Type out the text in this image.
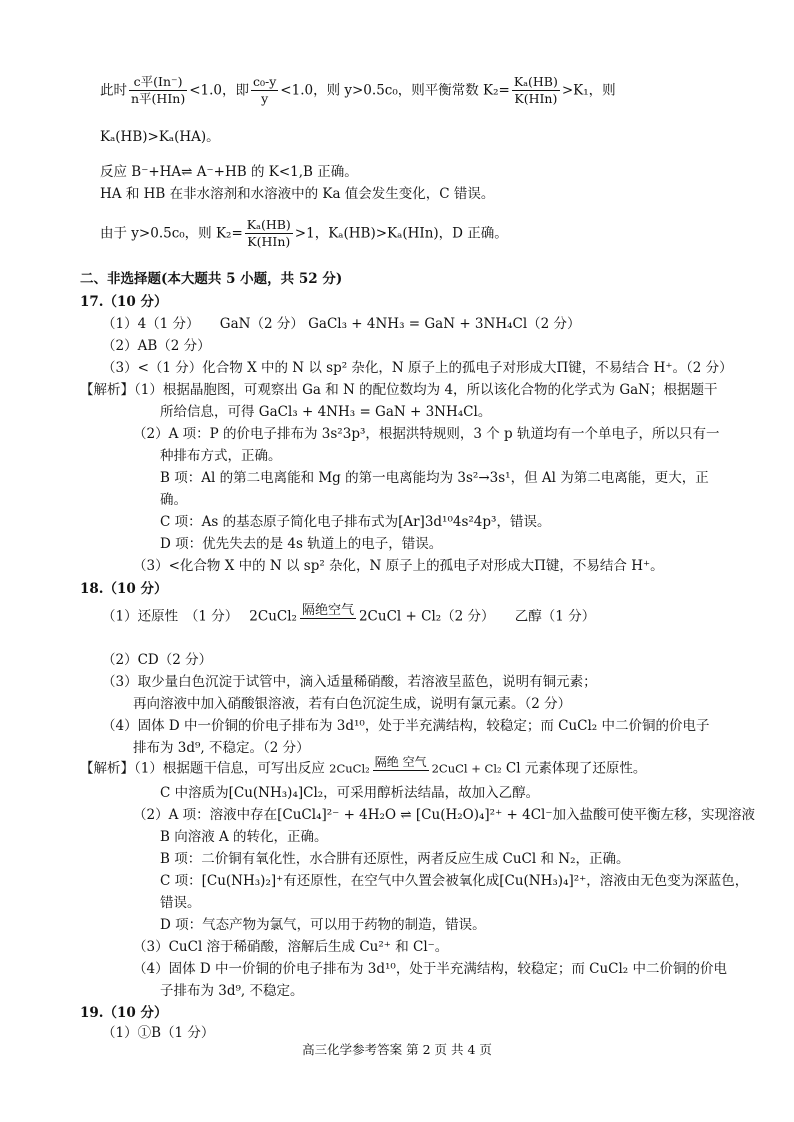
此时 $\frac{\text{c平(In⁻)}}{\text{n平(HIn)}} <1.0$，即 $\frac{\text{c₀-y}}{y} <1.0$，则 y>0.5c₀，则平衡常数 $K_2= \frac{\text{Kₐ(HB)}}{\text{K(HIn)}} >K_1$，则
Kₐ(HB)>Kₐ(HA)。
反应 B⁻+HA⇌ A⁻+HB 的 K<1,B 正确。
HA 和 HB 在非水溶剂和水溶液中的 Ka 值会发生变化，C 错误。
由于 y>0.5c₀，则 $K_2= \frac{\text{Kₐ(HB)}}{\text{K(HIn)}} >1$，Kₐ(HB)>Kₐ(HIn)，D 正确。
二、非选择题(本大题共 5 小题，共 52 分)
17.（10 分）
（1）4（1 分）　　GaN（2 分） GaCl₃ + 4NH₃ = GaN + 3NH₄Cl（2 分）
（2）AB（2 分）
（3）<（1 分）化合物 X 中的 N 以 sp² 杂化，N 原子上的孤电子对形成大Π键，不易结合 H⁺。（2 分）
【解析】（1）根据晶胞图，可观察出 Ga 和 N 的配位数均为 4，所以该化合物的化学式为 GaN；根据题干
所给信息，可得 GaCl₃ + 4NH₃ = GaN + 3NH₄Cl。
（2）A 项：P 的价电子排布为 3s²3p³，根据洪特规则，3 个 p 轨道均有一个单电子，所以只有一
种排布方式，正确。
B 项：Al 的第二电离能和 Mg 的第一电离能均为 3s²→3s¹，但 Al 为第二电离能，更大，正
确。
C 项：As 的基态原子简化电子排布式为[Ar]3d¹⁰4s²4p³，错误。
D 项：优先失去的是 4s 轨道上的电子，错误。
（3）<化合物 X 中的 N 以 sp² 杂化，N 原子上的孤电子对形成大Π键，不易结合 H⁺。
18.（10 分）
（1）还原性　（1 分）　 2CuCl₂ 隔绝空气 2CuCl + Cl₂（2 分）　　乙醇（1 分）
（2）CD（2 分）
（3）取少量白色沉淀于试管中，滴入适量稀硝酸，若溶液呈蓝色，说明有铜元素；
再向溶液中加入硝酸银溶液，若有白色沉淀生成，说明有氯元素。（2 分）
（4）固体 D 中一价铜的价电子排布为 3d¹⁰，处于半充满结构，较稳定；而 CuCl₂ 中二价铜的价电子
排布为 3d⁹, 不稳定。（2 分）
【解析】（1）根据题干信息，可写出反应 2CuCl₂ 隔绝 空气 2CuCl + Cl₂ Cl 元素体现了还原性。
C 中溶质为[Cu(NH₃)₄]Cl₂，可采用醇析法结晶，故加入乙醇。
（2）A 项：溶液中存在[CuCl₄]²⁻ + 4H₂O ⇌ [Cu(H₂O)₄]²⁺ + 4Cl⁻加入盐酸可使平衡左移，实现溶液
B 向溶液 A 的转化，正确。
B 项：二价铜有氧化性，水合肼有还原性，两者反应生成 CuCl 和 N₂，正确。
C 项：[Cu(NH₃)₂]⁺有还原性，在空气中久置会被氧化成[Cu(NH₃)₄]²⁺，溶液由无色变为深蓝色，
错误。
D 项：气态产物为氯气，可以用于药物的制造，错误。
（3）CuCl 溶于稀硝酸，溶解后生成 Cu²⁺ 和 Cl⁻。
（4）固体 D 中一价铜的价电子排布为 3d¹⁰，处于半充满结构，较稳定；而 CuCl₂ 中二价铜的价电
子排布为 3d⁹, 不稳定。
19.（10 分）
（1）①B（1 分）
高三化学参考答案 第 2 页 共 4 页
